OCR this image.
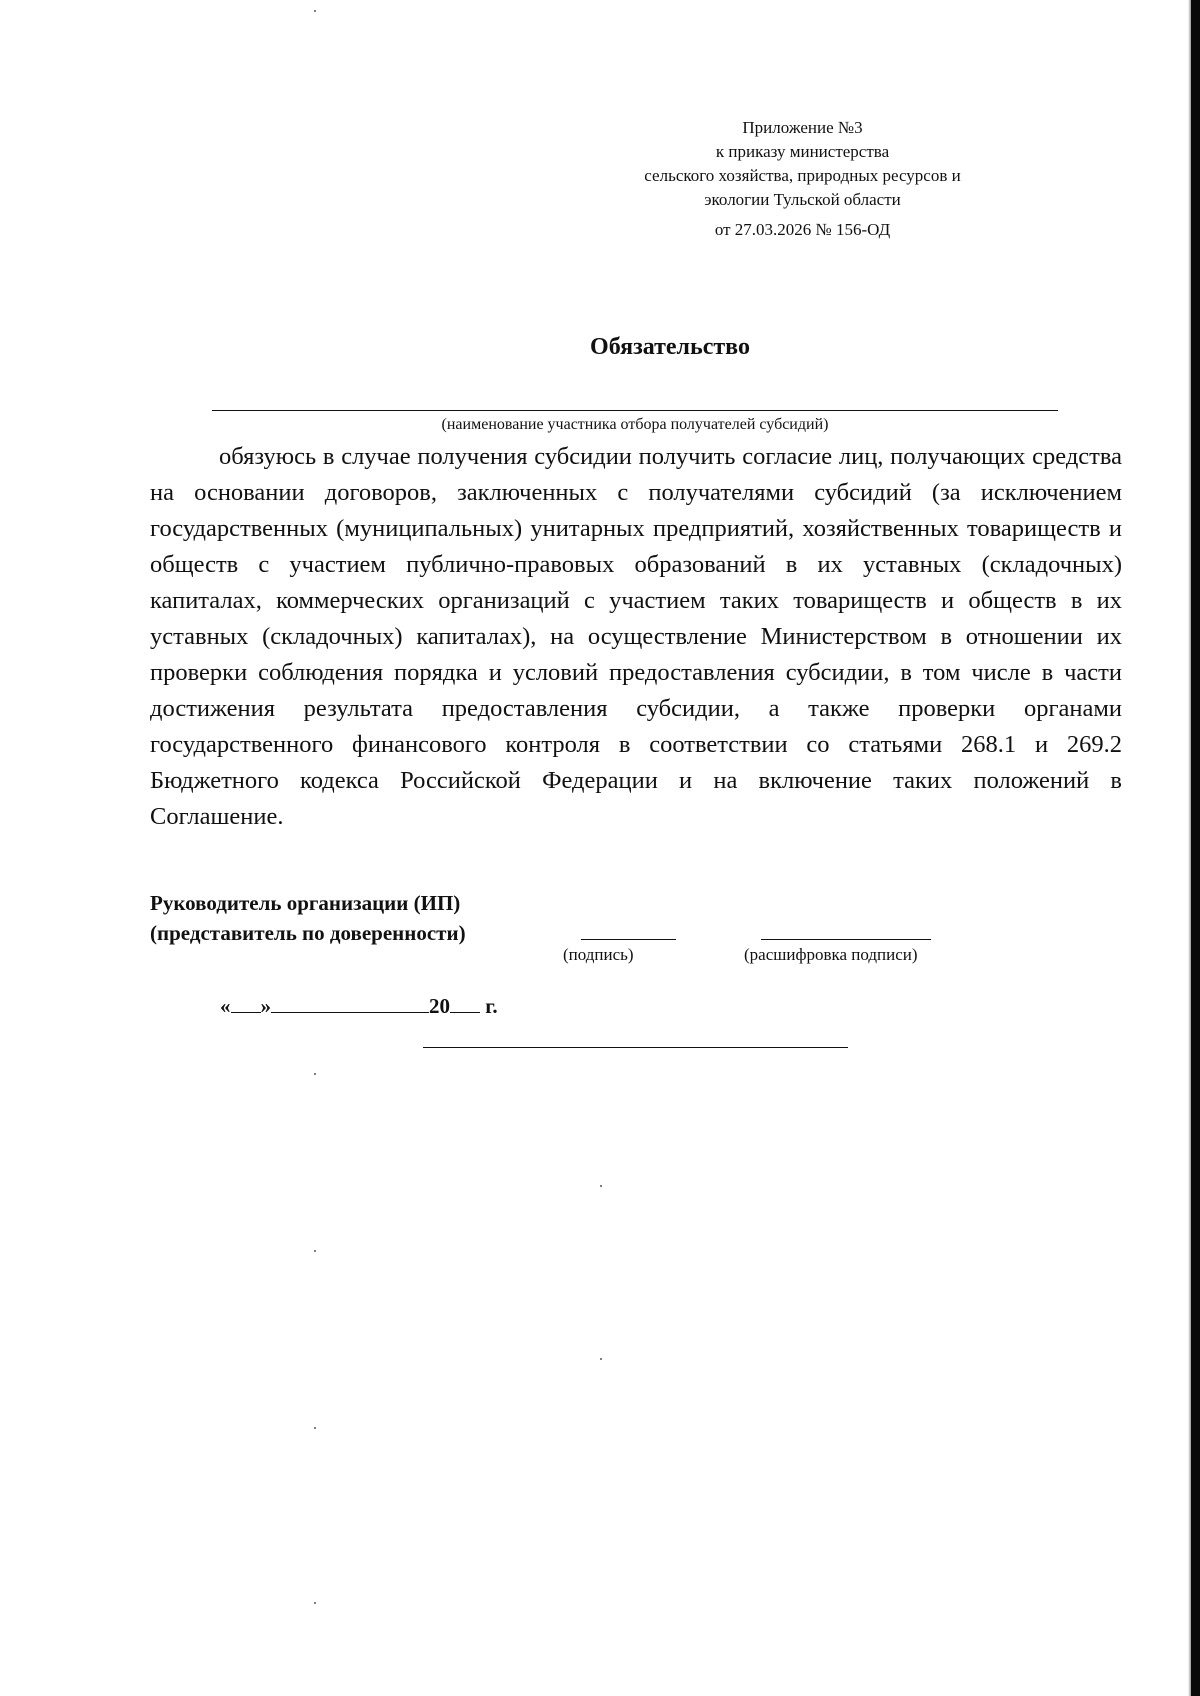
Приложение №3
к приказу министерства
сельского хозяйства, природных ресурсов и
экологии Тульской области
от 27.03.2026 № 156-ОД
Обязательство
(наименование участника отбора получателей субсидий)
обязуюсь в случае получения субсидии получить согласие лиц, получающих средства на основании договоров, заключенных с получателями субсидий (за исключением государственных (муниципальных) унитарных предприятий, хозяйственных товариществ и обществ с участием публично-правовых образований в их уставных (складочных) капиталах, коммерческих организаций с участием таких товариществ и обществ в их уставных (складочных) капиталах), на осуществление Министерством в отношении их проверки соблюдения порядка и условий предоставления субсидии, в том числе в части достижения результата предоставления субсидии, а также проверки органами государственного финансового контроля в соответствии со статьями 268.1 и 269.2 Бюджетного кодекса Российской Федерации и на включение таких положений в Соглашение.
Руководитель организации (ИП)
(представитель по доверенности)
(подпись)	(расшифровка подписи)
« »	20 г.
